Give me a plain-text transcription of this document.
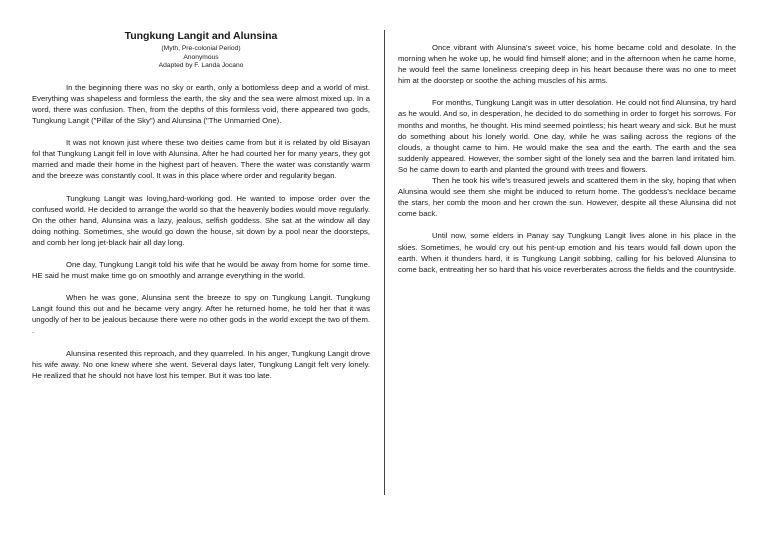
Tungkung Langit and Alunsina
(Myth, Pre-colonial Period)
Anonymous
Adapted by F. Landa Jocano

In the beginning there was no sky or earth, only a bottomless deep and a world of mist. Everything was shapeless and formless the earth, the sky and the sea were almost mixed up. In a word, there was confusion. Then, from the depths of this formless void, there appeared two gods, Tungkung Langit ("Pillar of the Sky") and Alunsina ("The Unmarried One).

It was not known just where these two deities came from but it is related by old Bisayan fol that Tungkung Langit fell in love with Alunsina. After he had courted her for many years, they got married and made their home in the highest part of heaven. There the water was constantly warm and the breeze was constantly cool. It was in this place where order and regularity began.

Tungkung Langit was loving,hard-working god. He wanted to impose order over the confused world. He decided to arrange the world so that the heavenly bodies would move regularly. On the other hand, Alunsina was a lazy, jealous, selfish goddess. She sat at the window all day doing nothing. Sometimes, she would go down the house, sit down by a pool near the doorsteps, and comb her long jet-black hair all day long.

One day, Tungkung Langit told his wife that he would be away from home for some time. HE said he must make time go on smoothly and arrange everything in the world.

When he was gone, Alunsina sent the breeze to spy on Tungkung Langit. Tungkung Langit found this out and he became very angry. After he returned home, he told her that it was ungodly of her to be jealous because there were no other gods in the world except the two of them. .

Alunsina resented this reproach, and they quarreled. In his anger, Tungkung Langit drove his wife away. No one knew where she went. Several days later, Tungkung Langit felt very lonely. He realized that he should not have lost his temper. But it was too late.

Once vibrant with Alunsina's sweet voice, his home became cold and desolate. In the morning when he woke up, he would find himself alone; and in the afternoon when he came home, he would feel the same loneliness creeping deep in his heart because there was no one to meet him at the doorstep or soothe the aching muscles of his arms.

For months, Tungkung Langit was in utter desolation. He could not find Alunsina, try hard as he would. And so, in desperation, he decided to do something in order to forget his sorrows. For months and months, he thought. His mind seemed pointless; his heart weary and sick. But he must do something about his lonely world. One day, while he was sailing across the regions of the clouds, a thought came to him. He would make the sea and the earth. The earth and the sea suddenly appeared. However, the somber sight of the lonely sea and the barren land irritated him. So he came down to earth and planted the ground with trees and flowers.

Then he took his wife's treasured jewels and scattered them in the sky, hoping that when Alunsina would see them she might be induced to return home. The goddess's necklace became the stars, her comb the moon and her crown the sun. However, despite all these Alunsina did not come back.

Until now, some elders in Panay say Tungkung Langit lives alone in his place in the skies. Sometimes, he would cry out his pent-up emotion and his tears would fall down upon the earth. When it thunders hard, it is Tungkung Langit sobbing, calling for his beloved Alunsina to come back, entreating her so hard that his voice reverberates across the fields and the countryside.
